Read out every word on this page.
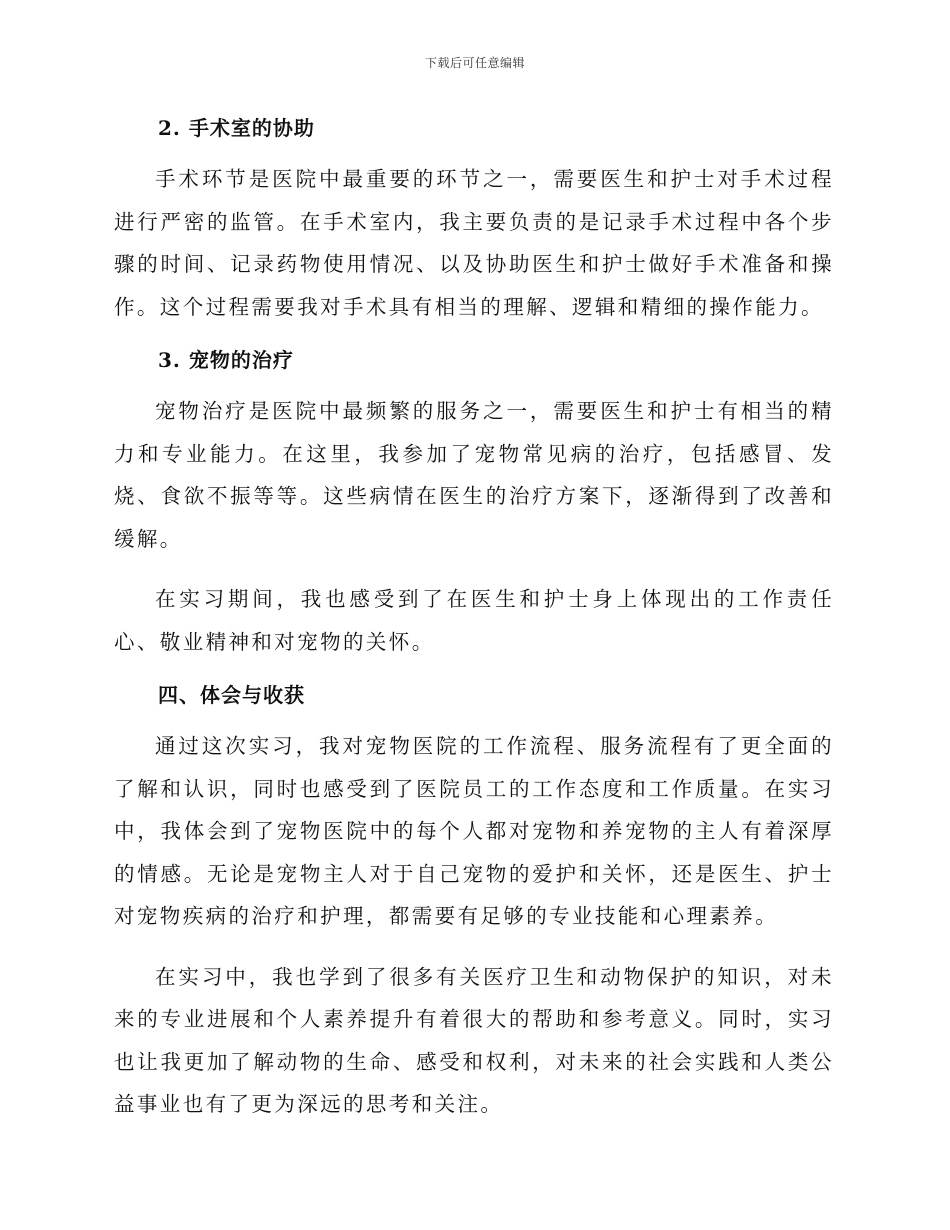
下载后可任意编辑
2. 手术室的协助

手术环节是医院中最重要的环节之一，需要医生和护士对手术过程进行严密的监管。在手术室内，我主要负责的是记录手术过程中各个步骤的时间、记录药物使用情况、以及协助医生和护士做好手术准备和操作。这个过程需要我对手术具有相当的理解、逻辑和精细的操作能力。

3. 宠物的治疗

宠物治疗是医院中最频繁的服务之一，需要医生和护士有相当的精力和专业能力。在这里，我参加了宠物常见病的治疗，包括感冒、发烧、食欲不振等等。这些病情在医生的治疗方案下，逐渐得到了改善和缓解。

在实习期间，我也感受到了在医生和护士身上体现出的工作责任心、敬业精神和对宠物的关怀。

四、体会与收获

通过这次实习，我对宠物医院的工作流程、服务流程有了更全面的了解和认识，同时也感受到了医院员工的工作态度和工作质量。在实习中，我体会到了宠物医院中的每个人都对宠物和养宠物的主人有着深厚的情感。无论是宠物主人对于自己宠物的爱护和关怀，还是医生、护士对宠物疾病的治疗和护理，都需要有足够的专业技能和心理素养。

在实习中，我也学到了很多有关医疗卫生和动物保护的知识，对未来的专业进展和个人素养提升有着很大的帮助和参考意义。同时，实习也让我更加了解动物的生命、感受和权利，对未来的社会实践和人类公益事业也有了更为深远的思考和关注。
